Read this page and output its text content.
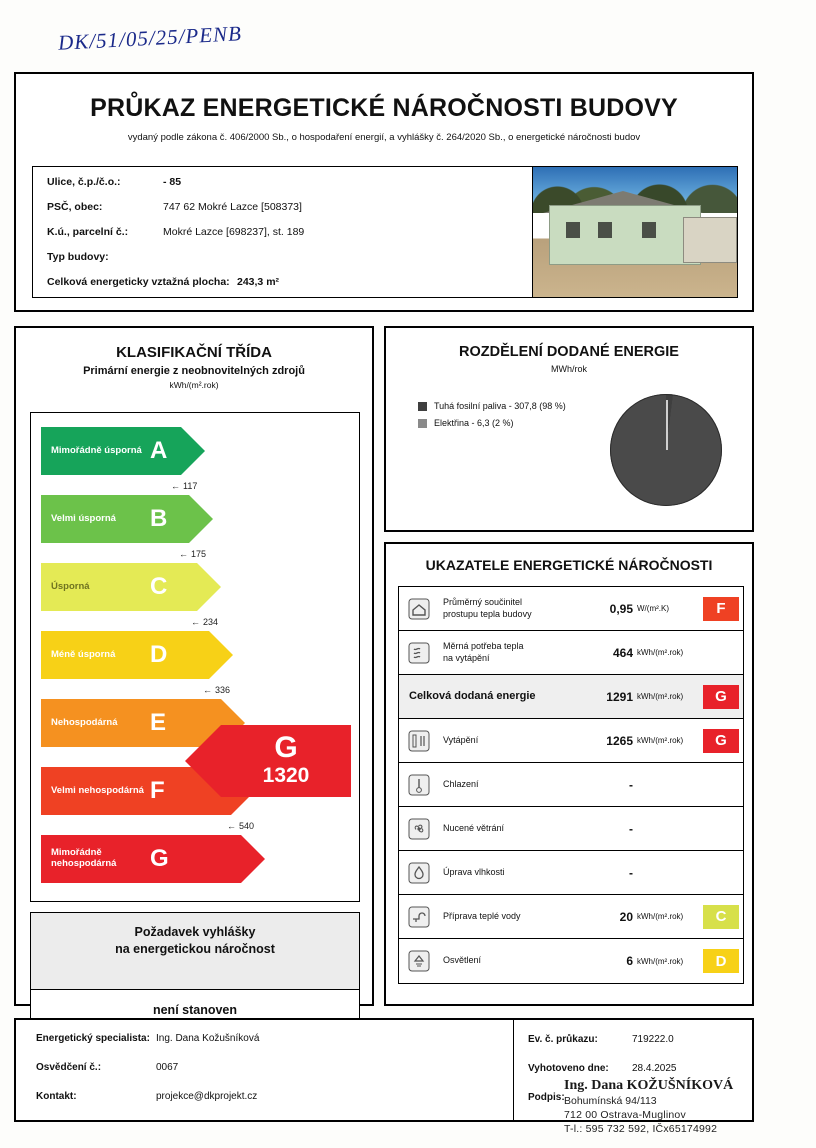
DK/51/05/25/PENB
PRŮKAZ ENERGETICKÉ NÁROČNOSTI BUDOVY
vydaný podle zákona č. 406/2000 Sb., o hospodaření energií, a vyhlášky č. 264/2020 Sb., o energetické náročnosti budov
Ulice, č.p./č.o.:	- 85
PSČ, obec:	747 62 Mokré Lazce [508373]
K.ú., parcelní č.:	Mokré Lazce [698237], st. 189
Typ budovy:
Celková energeticky vztažná plocha: 243,3 m²
KLASIFIKAČNÍ TŘÍDA
Primární energie z neobnovitelných zdrojů
kWh/(m².rok)
Mimořádně úsporná A
← 117
Velmi úsporná	B
← 175
Úsporná	C
← 234
Méně úsporná	D
← 336
Nehospodárná	E
Velmi nehospodárná F
← 540
Mimořádně nehospodárná	G
G
1320
Požadavek vyhlášky
na energetickou náročnost
není stanoven
ROZDĚLENÍ DODANÉ ENERGIE
MWh/rok
Tuhá fosilní paliva - 307,8 (98 %)
Elektřina - 6,3 (2 %)
UKAZATELE ENERGETICKÉ NÁROČNOSTI
Průměrný součinitel
prostupu tepla budovy	0,95 W/(m².K)	F
Měrná potřeba tepla
na vytápění	464 kWh/(m².rok)
Celková dodaná energie	1291 kWh/(m².rok)	G
Vytápění	1265 kWh/(m².rok)	G
Chlazení	-
Nucené větrání	-
Úprava vlhkosti	-
Příprava teplé vody	20 kWh/(m².rok)	C
Osvětlení	6 kWh/(m².rok)	D
Energetický specialista: Ing. Dana Kožušníková
Osvědčení č.:	0067
Kontakt:	projekce@dkprojekt.cz
Ev. č. průkazu:	719222.0
Vyhotoveno dne:	28.4.2025
Podpis:
Ing. Dana KOŽUŠNÍKOVÁ
Bohumínská 94/113
712 00 Ostrava-Muglinov
T-l.: 595 732 592, IČx65174992
